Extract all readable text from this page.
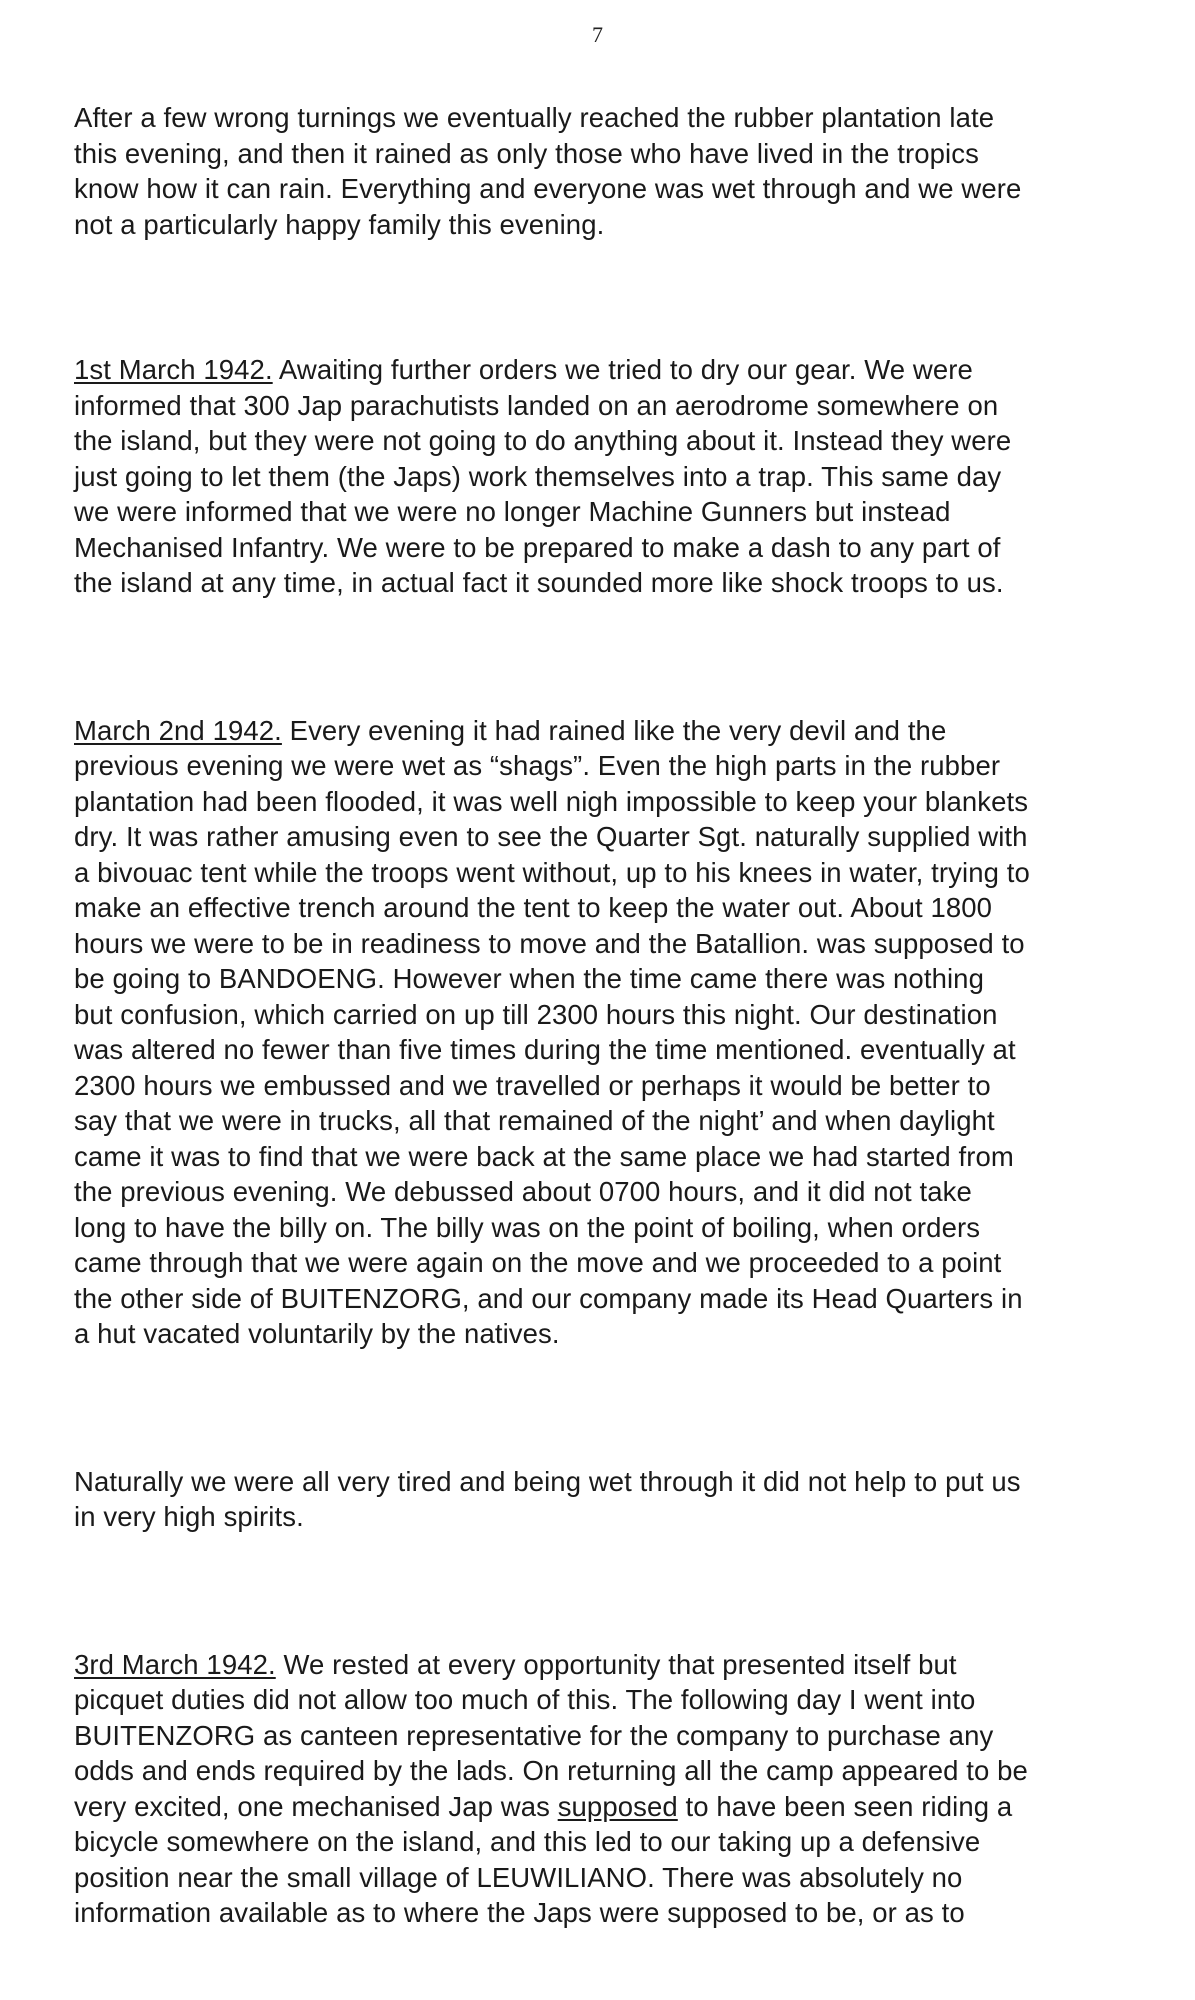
7

After a few wrong turnings we eventually reached the rubber plantation late
this evening, and then it rained as only those who have lived in the tropics
know how it can rain. Everything and everyone was wet through and we were
not a particularly happy family this evening.

1st March 1942. Awaiting further orders we tried to dry our gear. We were
informed that 300 Jap parachutists landed on an aerodrome somewhere on
the island, but they were not going to do anything about it. Instead they were
just going to let them (the Japs) work themselves into a trap. This same day
we were informed that we were no longer Machine Gunners but instead
Mechanised Infantry. We were to be prepared to make a dash to any part of
the island at any time, in actual fact it sounded more like shock troops to us.

March 2nd 1942. Every evening it had rained like the very devil and the
previous evening we were wet as “shags”. Even the high parts in the rubber
plantation had been flooded, it was well nigh impossible to keep your blankets
dry. It was rather amusing even to see the Quarter Sgt. naturally supplied with
a bivouac tent while the troops went without, up to his knees in water, trying to
make an effective trench around the tent to keep the water out. About 1800
hours we were to be in readiness to move and the Batallion. was supposed to
be going to BANDOENG. However when the time came there was nothing
but confusion, which carried on up till 2300 hours this night. Our destination
was altered no fewer than five times during the time mentioned. eventually at
2300 hours we embussed and we travelled or perhaps it would be better to
say that we were in trucks, all that remained of the night’ and when daylight
came it was to find that we were back at the same place we had started from
the previous evening. We debussed about 0700 hours, and it did not take
long to have the billy on. The billy was on the point of boiling, when orders
came through that we were again on the move and we proceeded to a point
the other side of BUITENZORG, and our company made its Head Quarters in
a hut vacated voluntarily by the natives.

Naturally we were all very tired and being wet through it did not help to put us
in very high spirits.

3rd March 1942. We rested at every opportunity that presented itself but
picquet duties did not allow too much of this. The following day I went into
BUITENZORG as canteen representative for the company to purchase any
odds and ends required by the lads. On returning all the camp appeared to be
very excited, one mechanised Jap was supposed to have been seen riding a
bicycle somewhere on the island, and this led to our taking up a defensive
position near the small village of LEUWILIANO. There was absolutely no
information available as to where the Japs were supposed to be, or as to
